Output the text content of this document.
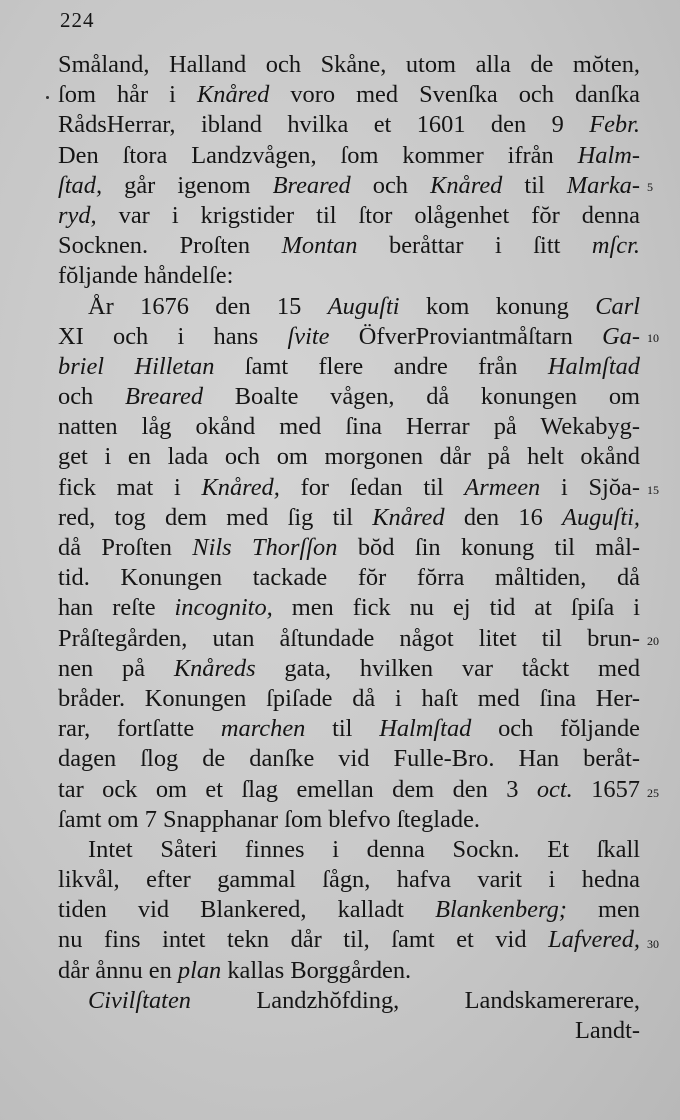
224
Småland, Halland och Skåne, utom alla de mŏten,
ſom hår i Knåred voro med Svenſka och danſka
RådsHerrar, ibland hvilka et 1601 den 9 Febr.
Den ſtora Landzvågen, ſom kommer ifrån Halm-
ſtad, går igenom Breared och Knåred til Marka-
ryd, var i krigstider til ſtor olågenhet fŏr denna
Socknen. Proſten Montan beråttar i ſitt mſcr.
fŏljande håndelſe:
År 1676 den 15 Auguſti kom konung Carl
XI och i hans ſvite ÖfverProviantmåſtarn Ga-
briel Hilletan ſamt flere andre från Halmſtad
och Breared Boalte vågen, då konungen om
natten låg okånd med ſina Herrar på Wekabyg-
get i en lada och om morgonen dår på helt okånd
fick mat i Knåred, for ſedan til Armeen i Sjŏa-
red, tog dem med ſig til Knåred den 16 Auguſti,
då Proſten Nils Thorſſon bŏd ſin konung til mål-
tid. Konungen tackade fŏr fŏrra måltiden, då
han reſte incognito, men fick nu ej tid at ſpiſa i
Pråſtegården, utan åſtundade något litet til brun-
nen på Knåreds gata, hvilken var tåckt med
bråder. Konungen ſpiſade då i haſt med ſina Her-
rar, fortſatte marchen til Halmſtad och fŏljande
dagen ſlog de danſke vid Fulle-Bro. Han beråt-
tar ock om et ſlag emellan dem den 3 oct. 1657
ſamt om 7 Snapphanar ſom blefvo ſteglade.
Intet Såteri finnes i denna Sockn. Et ſkall
likvål, efter gammal ſågn, hafva varit i hedna
tiden vid Blankered, kalladt Blankenberg; men
nu fins intet tekn dår til, ſamt et vid Lafvered,
dår ånnu en plan kallas Borggården.
Civilſtaten Landzhŏfding, Landskamererare,
Landt-
5
10
15
20
25
30
